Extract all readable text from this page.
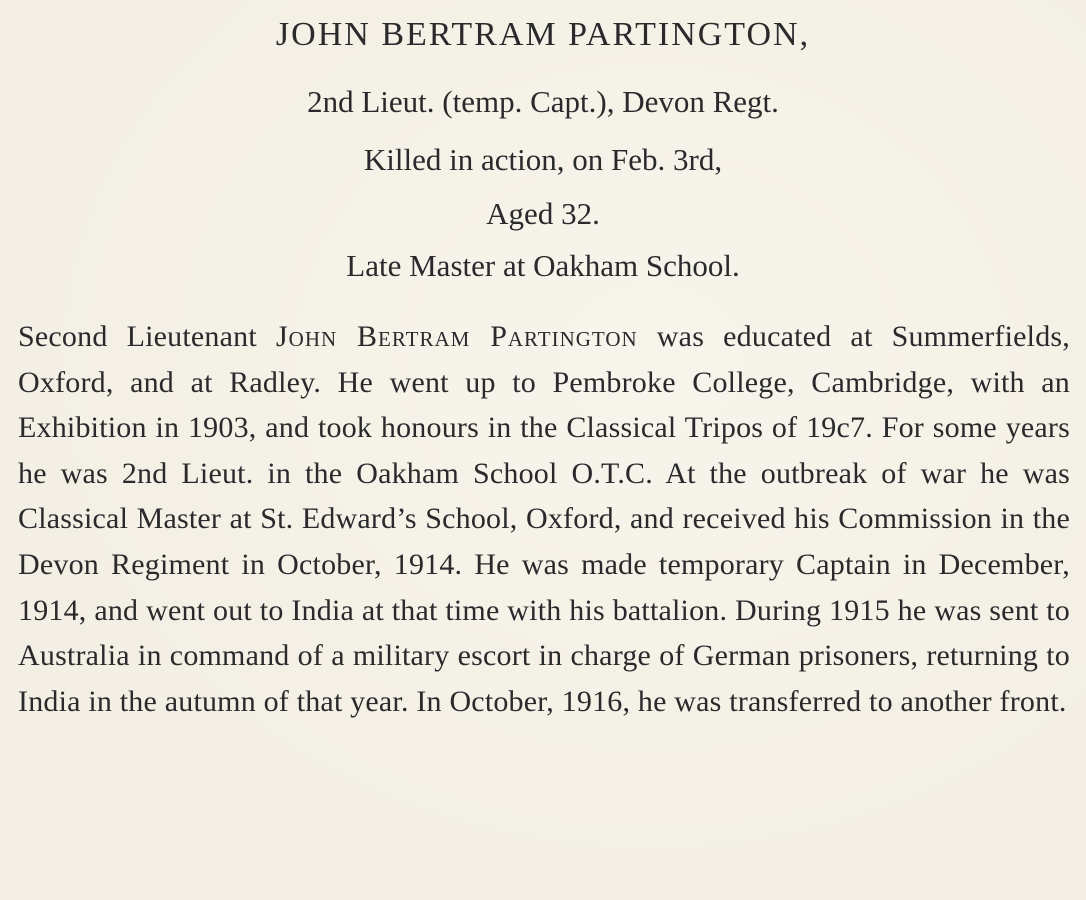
JOHN BERTRAM PARTINGTON,
2nd Lieut. (temp. Capt.), Devon Regt.
Killed in action, on Feb. 3rd,
Aged 32.
Late Master at Oakham School.

Second Lieutenant John Bertram Partington was educated at Summerfields, Oxford, and at Radley. He went up to Pembroke College, Cambridge, with an Exhibition in 1903, and took honours in the Classical Tripos of 19c7. For some years he was 2nd Lieut. in the Oakham School O.T.C. At the outbreak of war he was Classical Master at St. Edward’s School, Oxford, and received his Commission in the Devon Regiment in October, 1914. He was made temporary Captain in December, 1914, and went out to India at that time with his battalion. During 1915 he was sent to Australia in command of a military escort in charge of German prisoners, returning to India in the autumn of that year. In October, 1916, he was transferred to another front.
